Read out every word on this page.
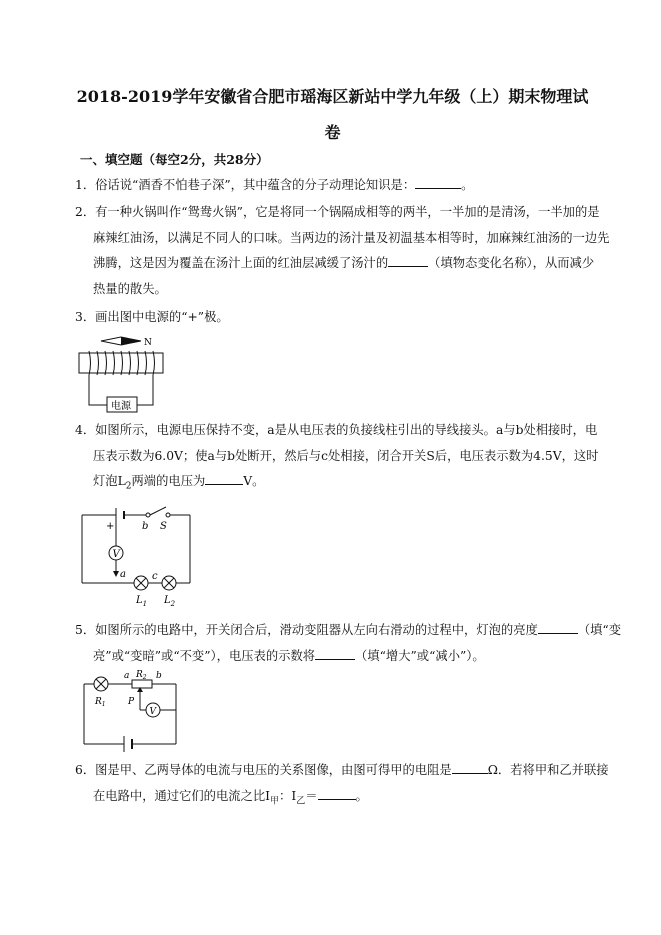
2018-2019学年安徽省合肥市瑶海区新站中学九年级（上）期末物理试
卷
一、填空题（每空2分，共28分）
1．俗话说“酒香不怕巷子深”，其中蕴含的分子动理论知识是：	。
2．有一种火锅叫作“鸳鸯火锅”，它是将同一个锅隔成相等的两半，一半加的是清汤，一半加的是
麻辣红油汤，以满足不同人的口味。当两边的汤汁量及初温基本相等时，加麻辣红油汤的一边先
沸腾，这是因为覆盖在汤汁上面的红油层减缓了汤汁的	（填物态变化名称），从而减少
热量的散失。
3．画出图中电源的“+”极。
N
电源
4．如图所示，电源电压保持不变，a是从电压表的负接线柱引出的导线接头。a与b处相接时，电
压表示数为6.0V；使a与b处断开，然后与c处相接，闭合开关S后，电压表示数为4.5V，这时
灯泡$L_2$两端的电压为	V。
V
+	b S
a	c
$L_1$ $L_2$
5．如图所示的电路中，开关闭合后，滑动变阻器从左向右滑动的过程中，灯泡的亮度	（填“变
亮”或“变暗”或“不变”），电压表的示数将	（填“增大”或“减小”）。
V
a $R_2$ b
$R_1$ P
6．图是甲、乙两导体的电流与电压的关系图像，由图可得甲的电阻是	Ω．若将甲和乙并联接
在电路中，通过它们的电流之比$I_甲$：$I_乙=$	。
